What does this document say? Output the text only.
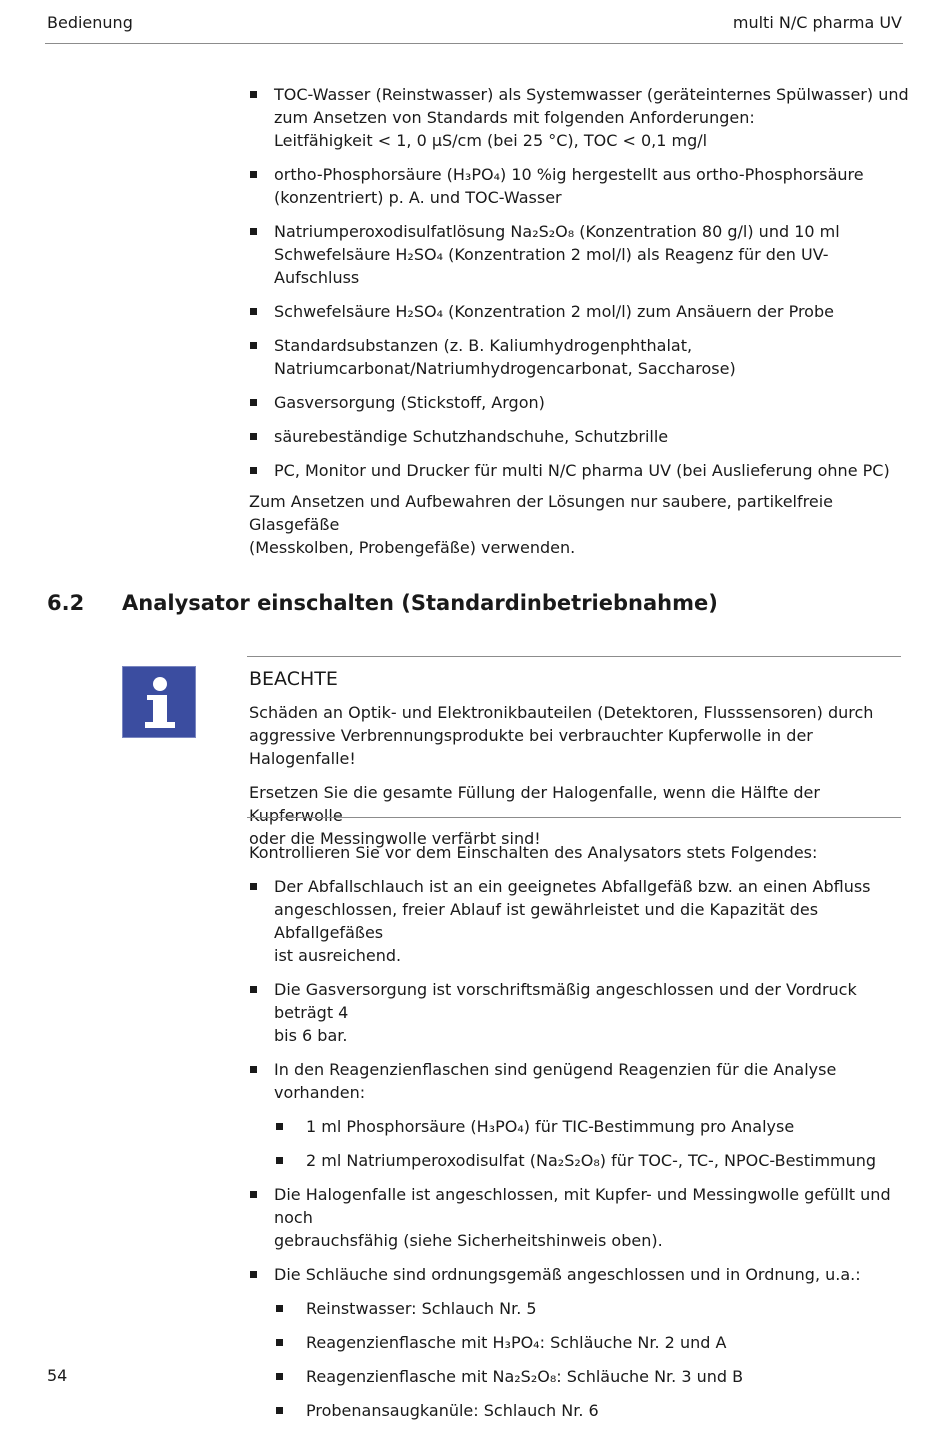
Bedienung	multi N/C pharma UV
TOC-Wasser (Reinstwasser) als Systemwasser (geräteinternes Spülwasser) und
zum Ansetzen von Standards mit folgenden Anforderungen:
Leitfähigkeit < 1, 0 µS/cm (bei 25 °C), TOC < 0,1 mg/l
ortho-Phosphorsäure (H₃PO₄) 10 %ig hergestellt aus ortho-Phosphorsäure
(konzentriert) p. A. und TOC-Wasser
Natriumperoxodisulfatlösung Na₂S₂O₈ (Konzentration 80 g/l) und 10 ml
Schwefelsäure H₂SO₄ (Konzentration 2 mol/l) als Reagenz für den UV-Aufschluss
Schwefelsäure H₂SO₄ (Konzentration 2 mol/l) zum Ansäuern der Probe
Standardsubstanzen (z. B. Kaliumhydrogenphthalat,
Natriumcarbonat/Natriumhydrogencarbonat, Saccharose)
Gasversorgung (Stickstoff, Argon)
säurebeständige Schutzhandschuhe, Schutzbrille
PC, Monitor und Drucker für multi N/C pharma UV (bei Auslieferung ohne PC)

Zum Ansetzen und Aufbewahren der Lösungen nur saubere, partikelfreie Glasgefäße
(Messkolben, Probengefäße) verwenden.

6.2 Analysator einschalten (Standardinbetriebnahme)
BEACHTE

Schäden an Optik- und Elektronikbauteilen (Detektoren, Flusssensoren) durch
aggressive Verbrennungsprodukte bei verbrauchter Kupferwolle in der Halogenfalle!

Ersetzen Sie die gesamte Füllung der Halogenfalle, wenn die Hälfte der Kupferwolle
oder die Messingwolle verfärbt sind!

Kontrollieren Sie vor dem Einschalten des Analysators stets Folgendes:

Der Abfallschlauch ist an ein geeignetes Abfallgefäß bzw. an einen Abfluss
angeschlossen, freier Ablauf ist gewährleistet und die Kapazität des Abfallgefäßes
ist ausreichend.
Die Gasversorgung ist vorschriftsmäßig angeschlossen und der Vordruck beträgt 4
bis 6 bar.
In den Reagenzienflaschen sind genügend Reagenzien für die Analyse vorhanden:
1 ml Phosphorsäure (H₃PO₄) für TIC-Bestimmung pro Analyse
2 ml Natriumperoxodisulfat (Na₂S₂O₈) für TOC-, TC-, NPOC-Bestimmung
Die Halogenfalle ist angeschlossen, mit Kupfer- und Messingwolle gefüllt und noch
gebrauchsfähig (siehe Sicherheitshinweis oben).
Die Schläuche sind ordnungsgemäß angeschlossen und in Ordnung, u.a.:
Reinstwasser: Schlauch Nr. 5
Reagenzienflasche mit H₃PO₄: Schläuche Nr. 2 und A
Reagenzienflasche mit Na₂S₂O₈: Schläuche Nr. 3 und B
Probenansaugkanüle: Schlauch Nr. 6
54
